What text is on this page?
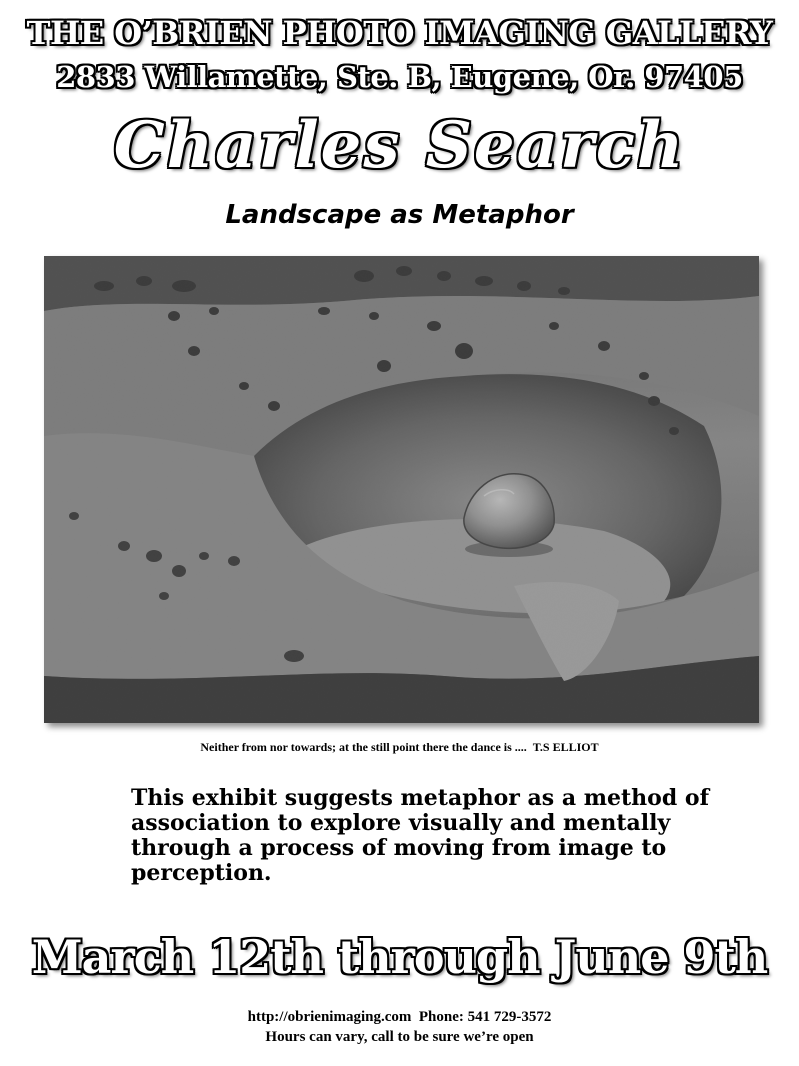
THE O’BRIEN PHOTO IMAGING GALLERY
2833 Willamette, Ste. B, Eugene, Or. 97405
Charles Search
Landscape as Metaphor
Neither from nor towards; at the still point there the dance is .... T.S ELLIOT
This exhibit suggests metaphor as a method of association to explore visually and mentally through a process of moving from image to perception.
March 12th through June 9th
http://obrienimaging.com Phone: 541 729-3572
Hours can vary, call to be sure we’re open
